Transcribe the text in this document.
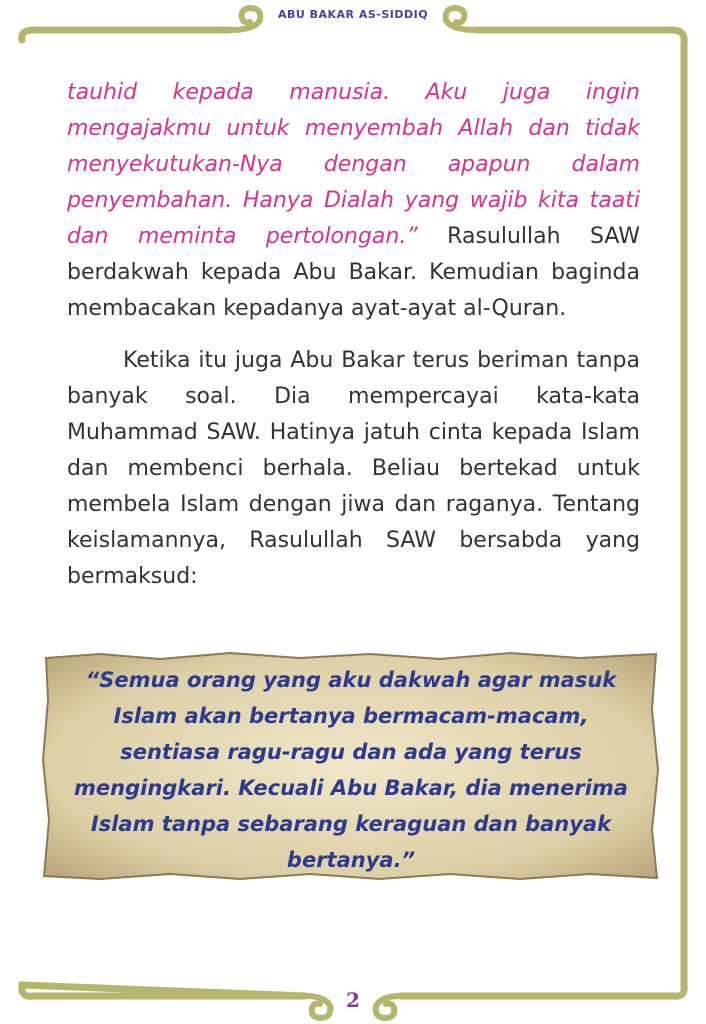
ABU BAKAR AS-SIDDIQ

tauhid kepada manusia. Aku juga ingin mengajakmu untuk menyembah Allah dan tidak menyekutukan-Nya dengan apapun dalam penyembahan. Hanya Dialah yang wajib kita taati dan meminta pertolongan.” Rasulullah SAW berdakwah kepada Abu Bakar. Kemudian baginda membacakan kepadanya ayat-ayat al-Quran.

Ketika itu juga Abu Bakar terus beriman tanpa banyak soal. Dia mempercayai kata-kata Muhammad SAW. Hatinya jatuh cinta kepada Islam dan membenci berhala. Beliau bertekad untuk membela Islam dengan jiwa dan raganya. Tentang keislamannya, Rasulullah SAW bersabda yang bermaksud:

“Semua orang yang aku dakwah agar masuk Islam akan bertanya bermacam-macam, sentiasa ragu-ragu dan ada yang terus mengingkari. Kecuali Abu Bakar, dia menerima Islam tanpa sebarang keraguan dan banyak bertanya.”
2
